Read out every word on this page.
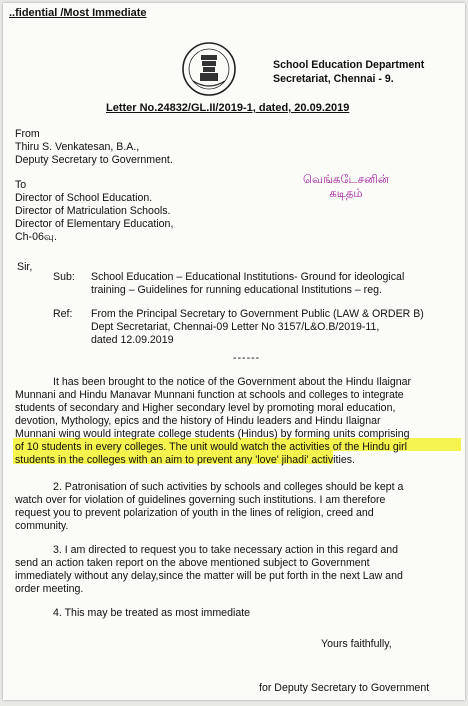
..fidential /Most Immediate
School Education Department
Secretariat, Chennai - 9.
Letter No.24832/GL.II/2019-1, dated, 20.09.2019
From
Thiru S. Venkatesan, B.A.,
Deputy Secretary to Government.
To
Director of School Education.
Director of Matriculation Schools.
Director of Elementary Education,
Ch-06வு.
வெங்கடேசனின்
கடிதம்
Sir,
Sub: School Education – Educational Institutions- Ground for ideological
training – Guidelines for running educational Institutions – reg.
Ref: From the Principal Secretary to Government Public (LAW & ORDER B)
Dept Secretariat, Chennai-09 Letter No 3157/L&O.B/2019-11,
dated 12.09.2019
------
It has been brought to the notice of the Government about the Hindu Ilaignar
Munnani and Hindu Manavar Munnani function at schools and colleges to integrate
students of secondary and Higher secondary level by promoting moral education,
devotion, Mythology, epics and the history of Hindu leaders and Hindu Ilaignar
Munnani wing would integrate college students (Hindus) by forming units comprising
of 10 students in every colleges. The unit would watch the activities of the Hindu girl
students in the colleges with an aim to prevent any 'love' jihadi' activities.
2. Patronisation of such activities by schools and colleges should be kept a
watch over for violation of guidelines governing such institutions. I am therefore
request you to prevent polarization of youth in the lines of religion, creed and
community.
3. I am directed to request you to take necessary action in this regard and
send an action taken report on the above mentioned subject to Government
immediately without any delay,since the matter will be put forth in the next Law and
order meeting.
4. This may be treated as most immediate
Yours faithfully,
for Deputy Secretary to Government
